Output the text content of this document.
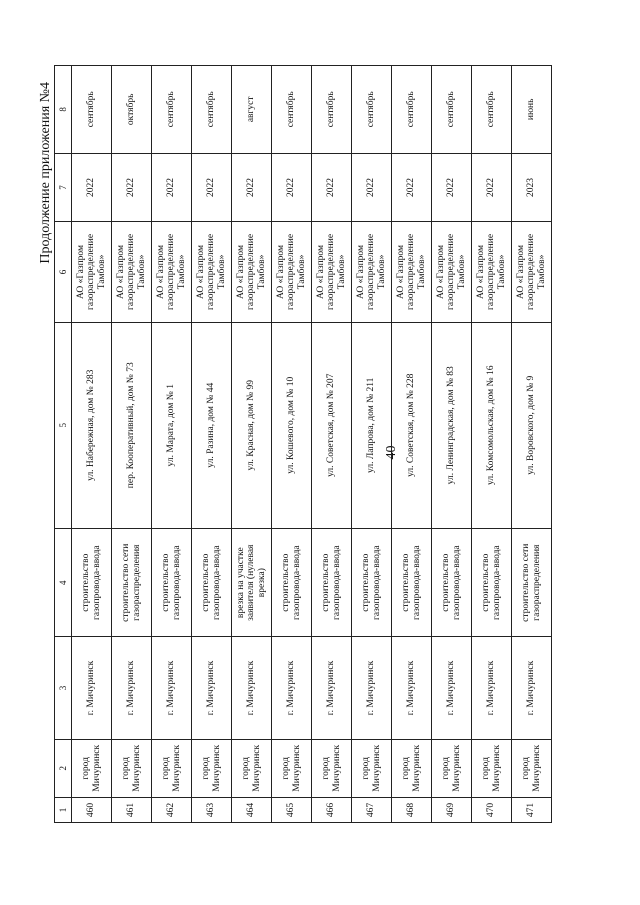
40
Продолжение приложения №4
1	2	3	4	5	6	7	8
460	город Мичуринск	г. Мичуринск	строительство газопровода-ввода	ул. Набережная, дом № 283	АО «Газпром газораспределение Тамбов»	2022	сентябрь
461	город Мичуринск	г. Мичуринск	строительство сети газораспределения	пер. Кооперативный, дом № 73	АО «Газпром газораспределение Тамбов»	2022	октябрь
462	город Мичуринск	г. Мичуринск	строительство газопровода-ввода	ул. Марата, дом № 1	АО «Газпром газораспределение Тамбов»	2022	сентябрь
463	город Мичуринск	г. Мичуринск	строительство газопровода-ввода	ул. Разина, дом № 44	АО «Газпром газораспределение Тамбов»	2022	сентябрь
464	город Мичуринск	г. Мичуринск	врезка на участке заявителя (нулевая врезка)	ул. Красная, дом № 99	АО «Газпром газораспределение Тамбов»	2022	август
465	город Мичуринск	г. Мичуринск	строительство газопровода-ввода	ул. Кошевого, дом № 10	АО «Газпром газораспределение Тамбов»	2022	сентябрь
466	город Мичуринск	г. Мичуринск	строительство газопровода-ввода	ул. Советская, дом № 207	АО «Газпром газораспределение Тамбов»	2022	сентябрь
467	город Мичуринск	г. Мичуринск	строительство газопровода-ввода	ул. Лапрова, дом № 211	АО «Газпром газораспределение Тамбов»	2022	сентябрь
468	город Мичуринск	г. Мичуринск	строительство газопровода-ввода	ул. Советская, дом № 228	АО «Газпром газораспределение Тамбов»	2022	сентябрь
469	город Мичуринск	г. Мичуринск	строительство газопровода-ввода	ул. Ленинградская, дом № 83	АО «Газпром газораспределение Тамбов»	2022	сентябрь
470	город Мичуринск	г. Мичуринск	строительство газопровода-ввода	ул. Комсомольская, дом № 16	АО «Газпром газораспределение Тамбов»	2022	сентябрь
471	город Мичуринск	г. Мичуринск	строительство сети газораспределения	ул. Воровского, дом № 9	АО «Газпром газораспределение Тамбов»	2023	июнь
